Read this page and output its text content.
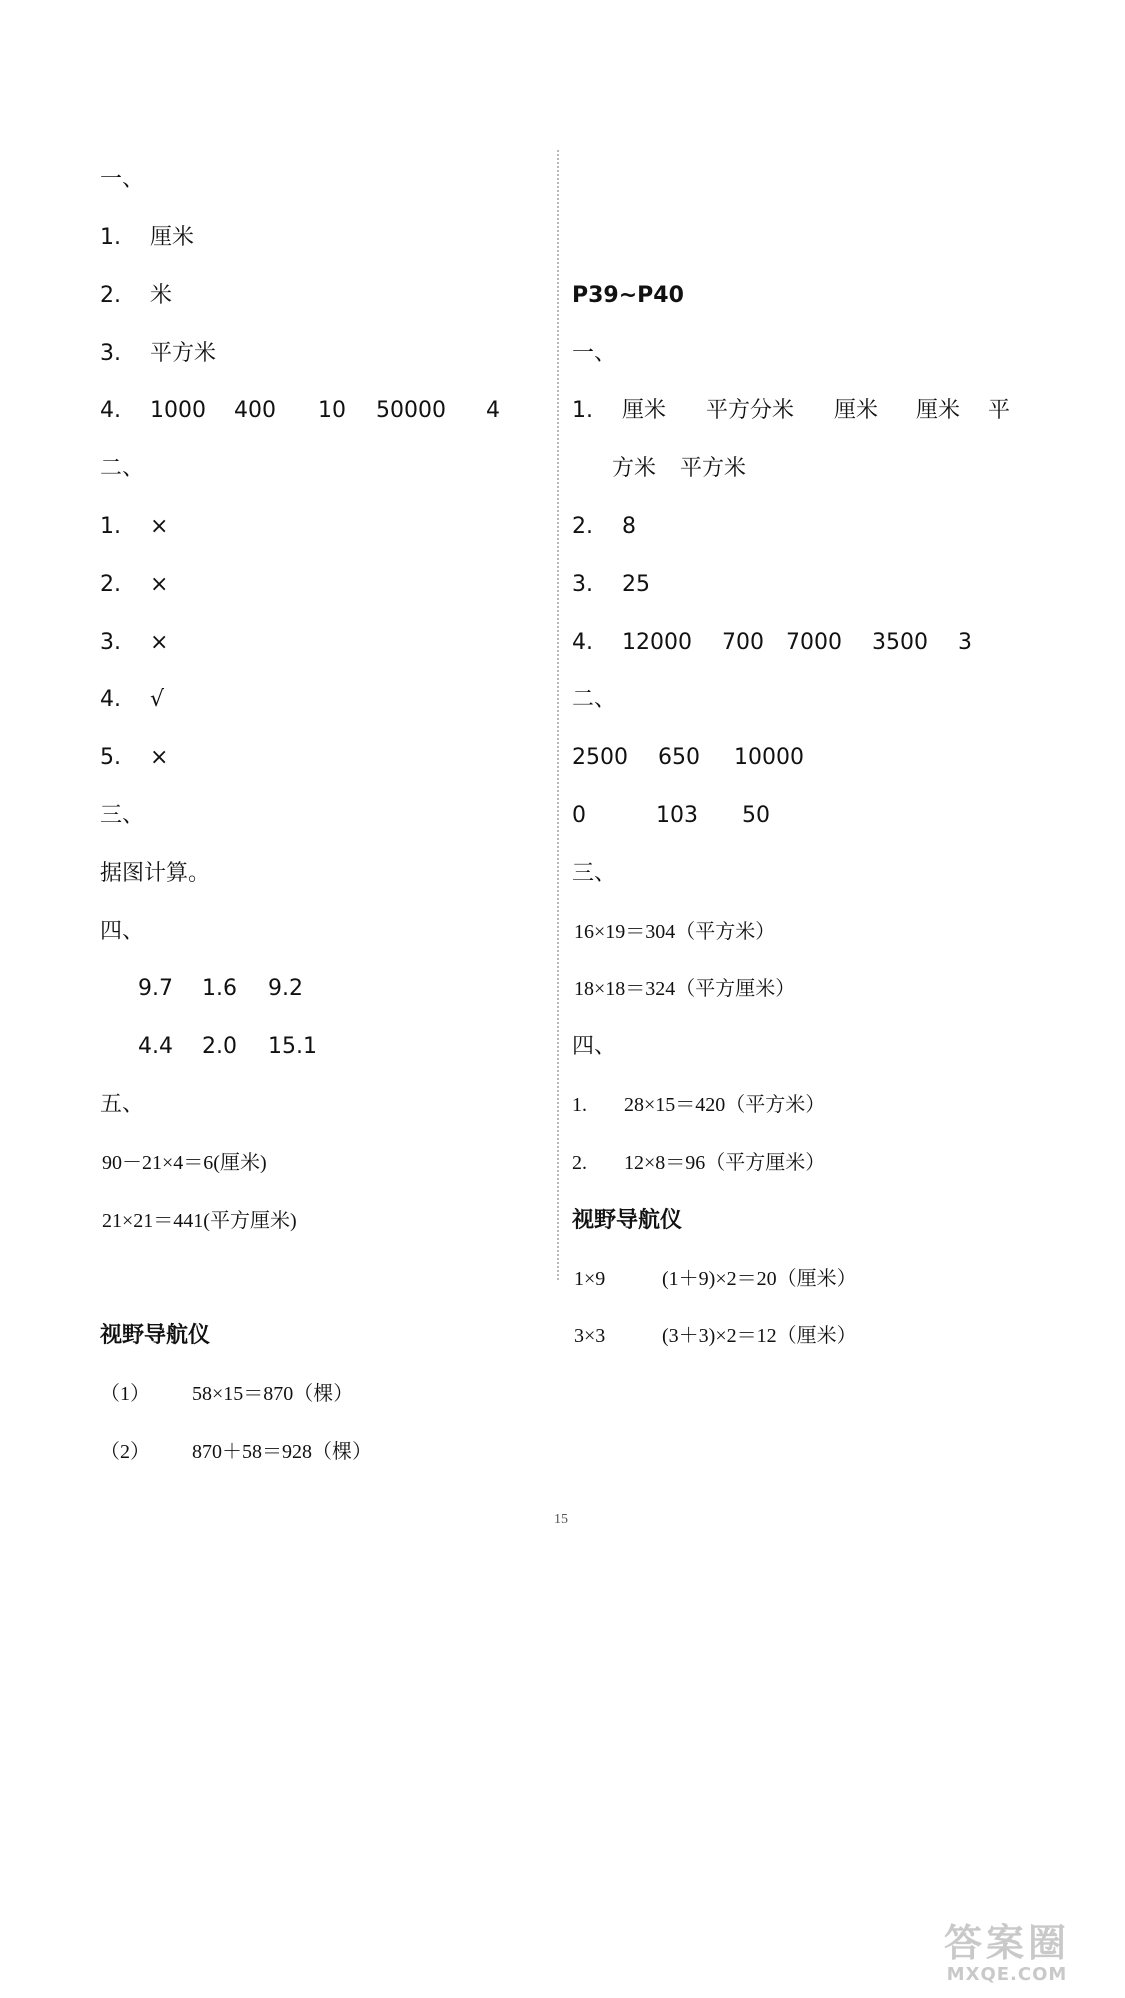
一、
1. 厘米
2. 米
3. 平方米
4. 1000 400 10 50000 4
二、
1. ×
2. ×
3. ×
4. √
5. ×
三、
据图计算。
四、
9.7 1.6 9.2
4.4 2.0 15.1
五、
90－21×4＝6(厘米)
21×21＝441(平方厘米)
视野导航仪
（1） 58×15＝870（棵）
（2） 870＋58＝928（棵）
P39~P40
一、
1. 厘米 平方分米 厘米 厘米 平
方米 平方米
2. 8
3. 25
4. 12000 700 7000 3500 3
二、
2500 650 10000
0	103 50
三、
16×19＝304（平方米）
18×18＝324（平方厘米）
四、
1. 28×15＝420（平方米）
2. 12×8＝96（平方厘米）
视野导航仪
1×9	(1＋9)×2＝20（厘米）
3×3	(3＋3)×2＝12（厘米）
15
答案圈
MXQE.COM
